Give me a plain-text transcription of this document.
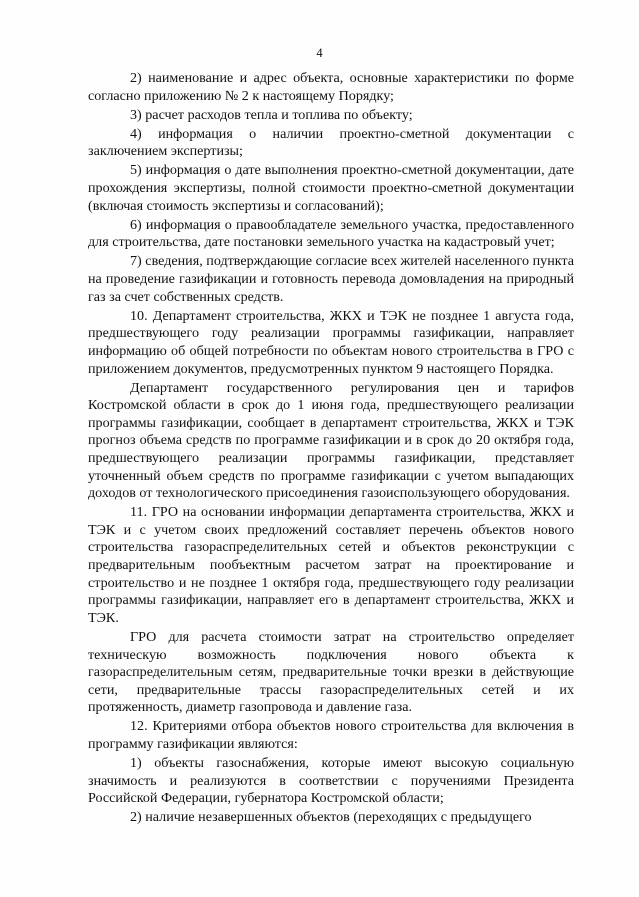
4

2) наименование и адрес объекта, основные характеристики по форме согласно приложению № 2 к настоящему Порядку;

3) расчет расходов тепла и топлива по объекту;

4) информация о наличии проектно-сметной документации с заключением экспертизы;

5) информация о дате выполнения проектно-сметной документации, дате прохождения экспертизы, полной стоимости проектно-сметной документации (включая стоимость экспертизы и согласований);

6) информация о правообладателе земельного участка, предоставленного для строительства, дате постановки земельного участка на кадастровый учет;

7) сведения, подтверждающие согласие всех жителей населенного пункта на проведение газификации и готовность перевода домовладения на природный газ за счет собственных средств.

10. Департамент строительства, ЖКХ и ТЭК не позднее 1 августа года, предшествующего году реализации программы газификации, направляет информацию об общей потребности по объектам нового строительства в ГРО с приложением документов, предусмотренных пунктом 9 настоящего Порядка.

Департамент государственного регулирования цен и тарифов Костромской области в срок до 1 июня года, предшествующего реализации программы газификации, сообщает в департамент строительства, ЖКХ и ТЭК прогноз объема средств по программе газификации и в срок до 20 октября года, предшествующего реализации программы газификации, представляет уточненный объем средств по программе газификации с учетом выпадающих доходов от технологического присоединения газоиспользующего оборудования.

11. ГРО на основании информации департамента строительства, ЖКХ и ТЭК и с учетом своих предложений составляет перечень объектов нового строительства газораспределительных сетей и объектов реконструкции с предварительным пообъектным расчетом затрат на проектирование и строительство и не позднее 1 октября года, предшествующего году реализации программы газификации, направляет его в департамент строительства, ЖКХ и ТЭК.

ГРО для расчета стоимости затрат на строительство определяет техническую возможность подключения нового объекта к газораспределительным сетям, предварительные точки врезки в действующие сети, предварительные трассы газораспределительных сетей и их протяженность, диаметр газопровода и давление газа.

12. Критериями отбора объектов нового строительства для включения в программу газификации являются:

1) объекты газоснабжения, которые имеют высокую социальную значимость и реализуются в соответствии с поручениями Президента Российской Федерации, губернатора Костромской области;

2) наличие незавершенных объектов (переходящих с предыдущего
